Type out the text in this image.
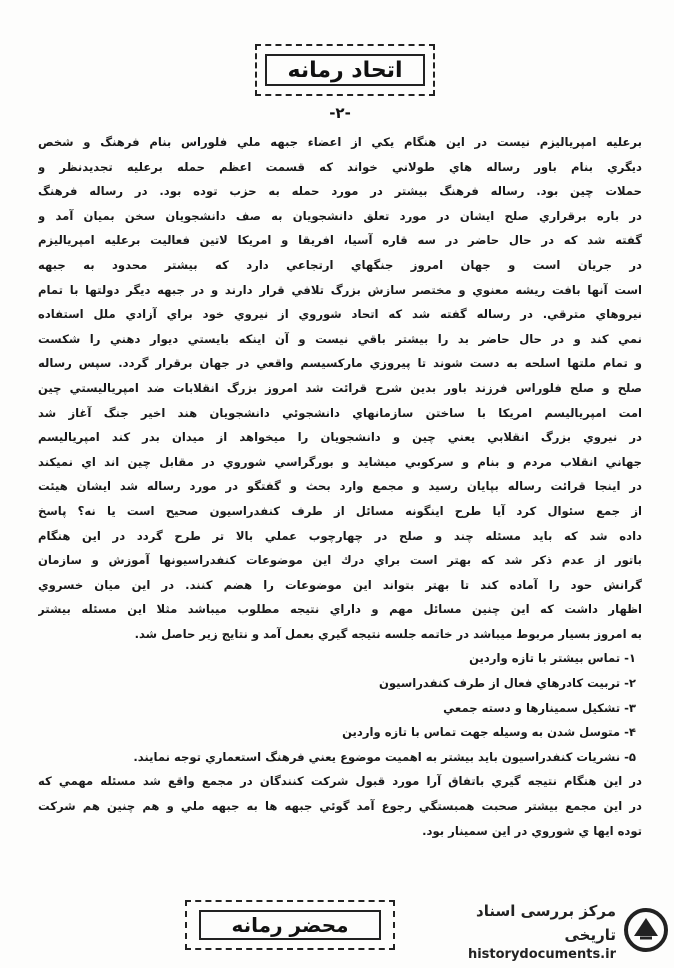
اتحاد رمانه
-۲-
برعليه امپرياليزم نيست در اين هنگام يكي از اعضاء جبهه ملي فلوراس بنام فرهنگ و شخص
ديگري بنام باور رساله هاي طولاني خواند كه قسمت اعظم حمله برعليه تجديدنظر و
حملات چين بود. رساله فرهنگ بيشتر در مورد حمله به حزب توده بود. در رساله فرهنگ
در باره برقراري صلح ايشان در مورد تعلق دانشجويان به صف دانشجويان سخن بميان آمد و
گفته شد كه در حال حاضر در سه قاره آسيا، افريقا و امريكا لاتين فعاليت برعليه امپرياليزم
در جريان است و جهان امروز جنگهاي ارتجاعي دارد كه بيشتر محدود به جبهه
است آنها بافت ريشه معنوي و مختصر سازش بزرگ تلافي قرار دارند و در جبهه ديگر دولتها با تمام
نيروهاي مترقي. در رساله گفته شد كه اتحاد شوروي از نيروي خود براي آزادي ملل استفاده
نمي كند و در حال حاضر بد را بيشتر باقي نيست و آن اينكه بايستي ديوار دهني را شكست
و تمام ملتها اسلحه به دست شوند تا پيروزي ماركسيسم واقعي در جهان برقرار گردد. سپس رساله
صلح و صلح فلوراس فرزند باور بدين شرح قرائت شد امروز بزرگ انقلابات ضد امپرياليستي چين
امت امپرياليسم امريكا با ساختن سازمانهاي دانشجوئي دانشجويان هند اخير جنگ آغاز شد
در نيروي بزرگ انقلابي يعني چين و دانشجويان را ميخواهد از ميدان بدر كند امپرياليسم
جهاني انقلاب مردم و بنام و سركوبي ميشايد و بورگراسي شوروي در مقابل چين اند اي نميكند
در اينجا قرائت رساله بپايان رسيد و مجمع وارد بحث و گفتگو در مورد رساله شد ايشان هيئت
از جمع سئوال كرد آيا طرح اينگونه مسائل از طرف كنفدراسيون صحيح است يا نه؟ پاسخ
داده شد كه بايد مسئله چند و صلح در چهارچوب عملي بالا تر طرح گردد در اين هنگام
باتور از عدم ذكر شد كه بهتر است براي درك اين موضوعات كنفدراسيونها آموزش و سازمان
گرانش حود را آماده كند تا بهتر بتواند اين موضوعات را هضم كنند. در اين ميان خسروي
اظهار داشت كه اين چنين مسائل مهم و داراي نتيجه مطلوب ميباشد مثلا اين مسئله بيشتر
به امروز بسيار مربوط ميباشد در خاتمه جلسه نتيجه گيري بعمل آمد و نتايج زير حاصل شد.
۱- تماس بيشتر با تازه واردين
۲- تربيت كادرهاي فعال از طرف كنفدراسيون
۳- تشكيل سمينارها و دسته جمعي
۴- متوسل شدن به وسيله جهت تماس با تازه واردين
۵- نشريات كنفدراسيون بايد بيشتر به اهميت موضوع يعني فرهنگ استعماري توجه نمايند.
در اين هنگام نتيجه گيري باتفاق آرا مورد قبول شركت كنندگان در مجمع واقع شد مسئله مهمي كه
در اين مجمع بيشتر صحبت همبستگي رجوع آمد گوئي جبهه ها به جبهه ملي و هم چنين هم شركت
توده ايها ي شوروي در اين سمينار بود.
محضر رمانه
مرکز بررسی اسناد تاریخی
historydocuments.ir
